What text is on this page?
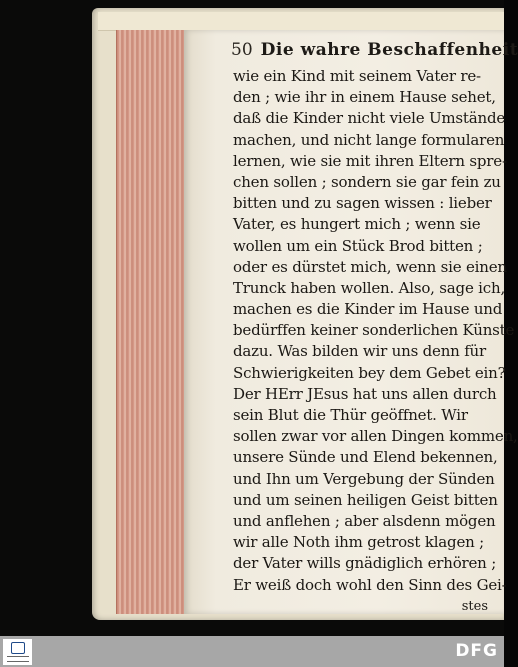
50 Die wahre Beschaffenheit
wie ein Kind mit seinem Vater re-
den ; wie ihr in einem Hause sehet,
daß die Kinder nicht viele Umstände
machen, und nicht lange formularen
lernen, wie sie mit ihren Eltern spre-
chen sollen ; sondern sie gar fein zu
bitten und zu sagen wissen : lieber
Vater, es hungert mich ; wenn sie
wollen um ein Stück Brod bitten ;
oder es dürstet mich, wenn sie einen
Trunck haben wollen. Also, sage ich,
machen es die Kinder im Hause und
bedürffen keiner sonderlichen Künste
dazu. Was bilden wir uns denn für
Schwierigkeiten bey dem Gebet ein?
Der HErr JEsus hat uns allen durch
sein Blut die Thür geöffnet. Wir
sollen zwar vor allen Dingen kommen,
unsere Sünde und Elend bekennen,
und Ihn um Vergebung der Sünden
und um seinen heiligen Geist bitten
und anflehen ; aber alsdenn mögen
wir alle Noth ihm getrost klagen ;
der Vater wills gnädiglich erhören ;
Er weiß doch wohl den Sinn des Gei-
stes
DFG
